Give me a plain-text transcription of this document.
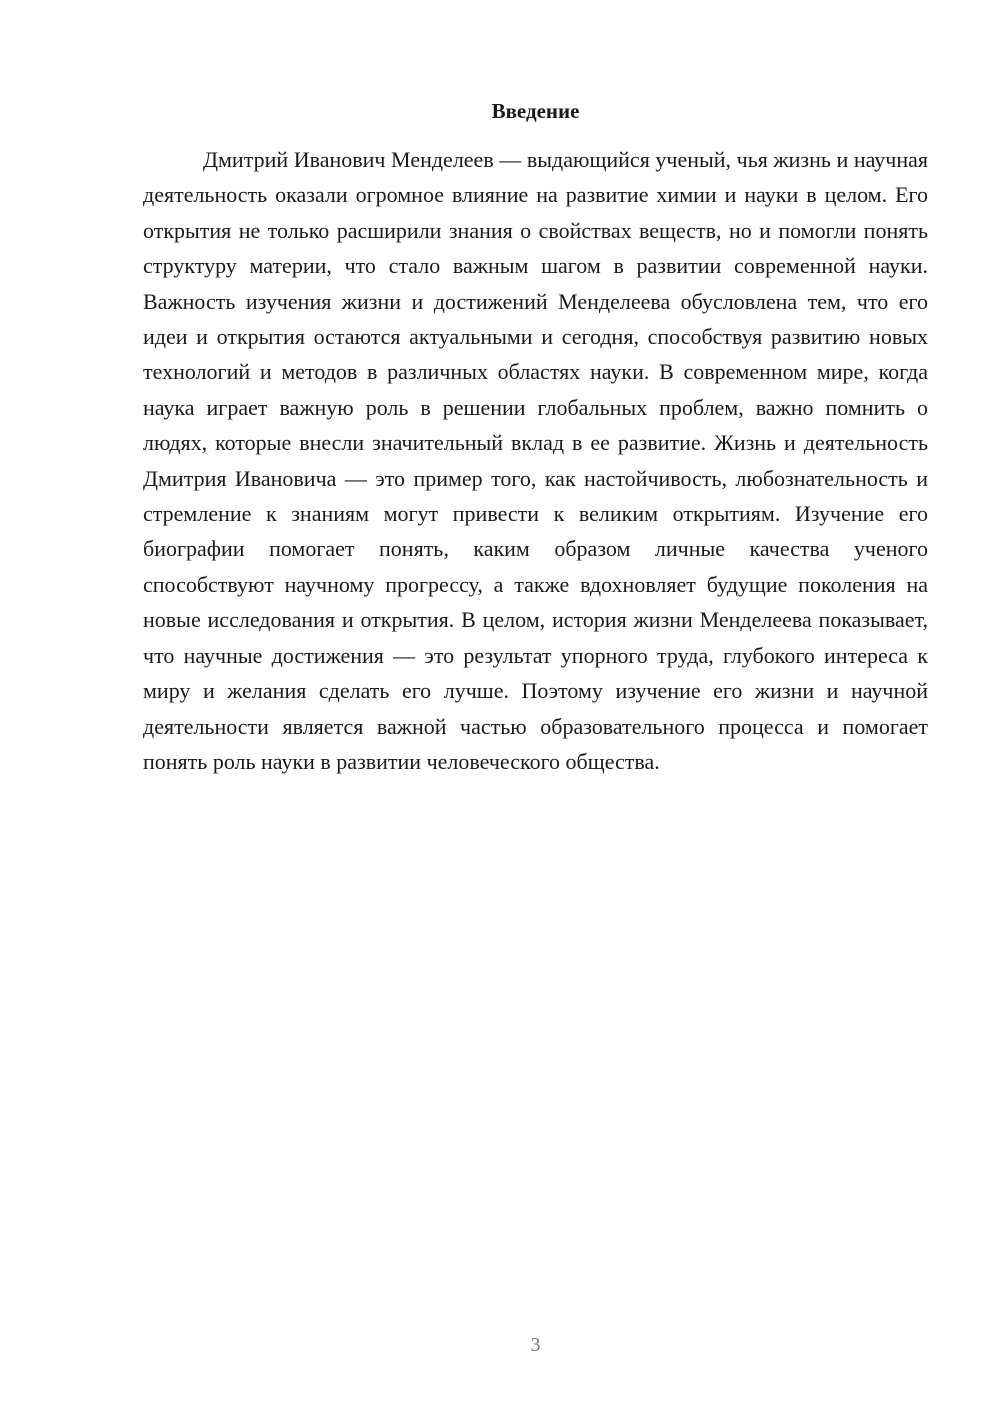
Введение

Дмитрий Иванович Менделеев — выдающийся ученый, чья жизнь и научная деятельность оказали огромное влияние на развитие химии и науки в целом. Его открытия не только расширили знания о свойствах веществ, но и помогли понять структуру материи, что стало важным шагом в развитии современной науки. Важность изучения жизни и достижений Менделеева обусловлена тем, что его идеи и открытия остаются актуальными и сегодня, способствуя развитию новых технологий и методов в различных областях науки. В современном мире, когда наука играет важную роль в решении глобальных проблем, важно помнить о людях, которые внесли значительный вклад в ее развитие. Жизнь и деятельность Дмитрия Ивановича — это пример того, как настойчивость, любознательность и стремление к знаниям могут привести к великим открытиям. Изучение его биографии помогает понять, каким образом личные качества ученого способствуют научному прогрессу, а также вдохновляет будущие поколения на новые исследования и открытия. В целом, история жизни Менделеева показывает, что научные достижения — это результат упорного труда, глубокого интереса к миру и желания сделать его лучше. Поэтому изучение его жизни и научной деятельности является важной частью образовательного процесса и помогает понять роль науки в развитии человеческого общества.

3
